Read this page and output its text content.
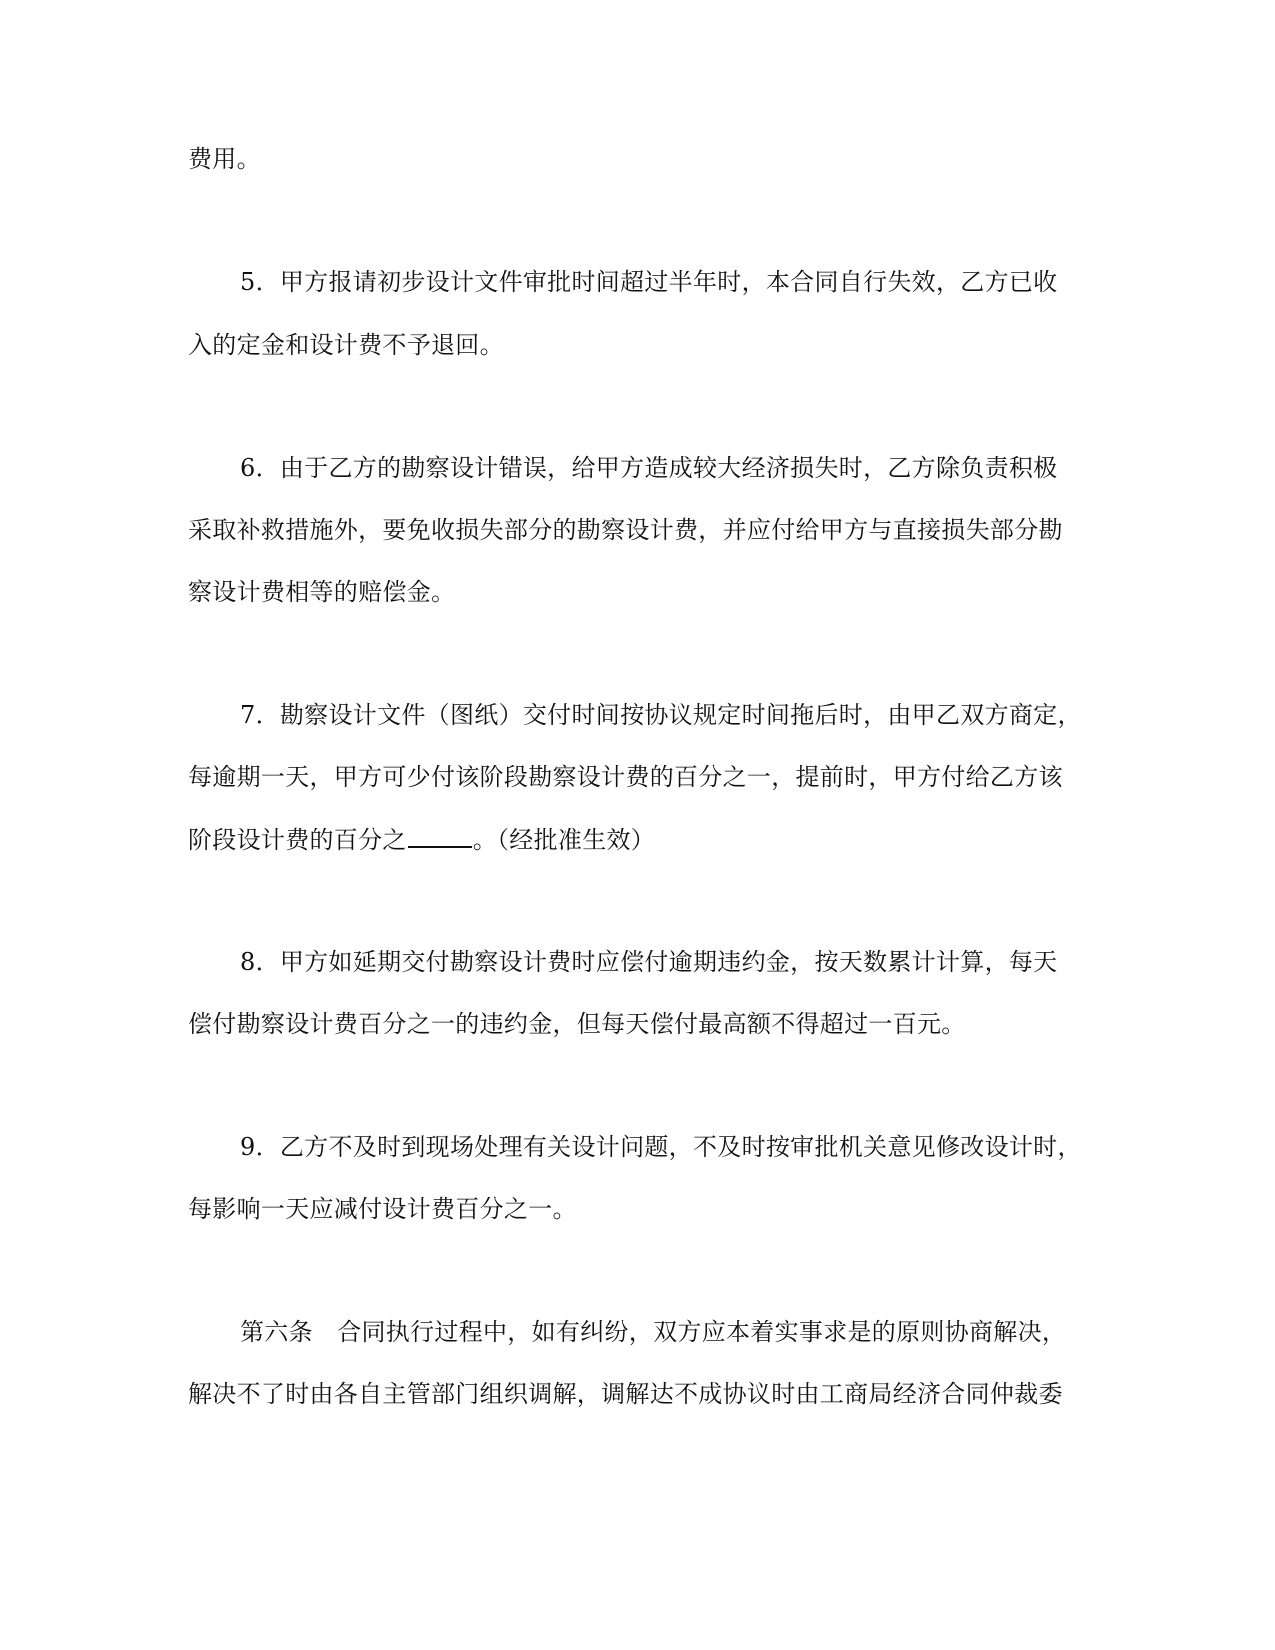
费用。
5．甲方报请初步设计文件审批时间超过半年时，本合同自行失效，乙方已收
入的定金和设计费不予退回。
6．由于乙方的勘察设计错误，给甲方造成较大经济损失时，乙方除负责积极
采取补救措施外，要免收损失部分的勘察设计费，并应付给甲方与直接损失部分勘
察设计费相等的赔偿金。
7．勘察设计文件（图纸）交付时间按协议规定时间拖后时，由甲乙双方商定，
每逾期一天，甲方可少付该阶段勘察设计费的百分之一，提前时，甲方付给乙方该
阶段设计费的百分之	。（经批准生效）
8．甲方如延期交付勘察设计费时应偿付逾期违约金，按天数累计计算，每天
偿付勘察设计费百分之一的违约金，但每天偿付最高额不得超过一百元。
9．乙方不及时到现场处理有关设计问题，不及时按审批机关意见修改设计时，
每影响一天应减付设计费百分之一。
第六条　合同执行过程中，如有纠纷，双方应本着实事求是的原则协商解决，
解决不了时由各自主管部门组织调解，调解达不成协议时由工商局经济合同仲裁委
